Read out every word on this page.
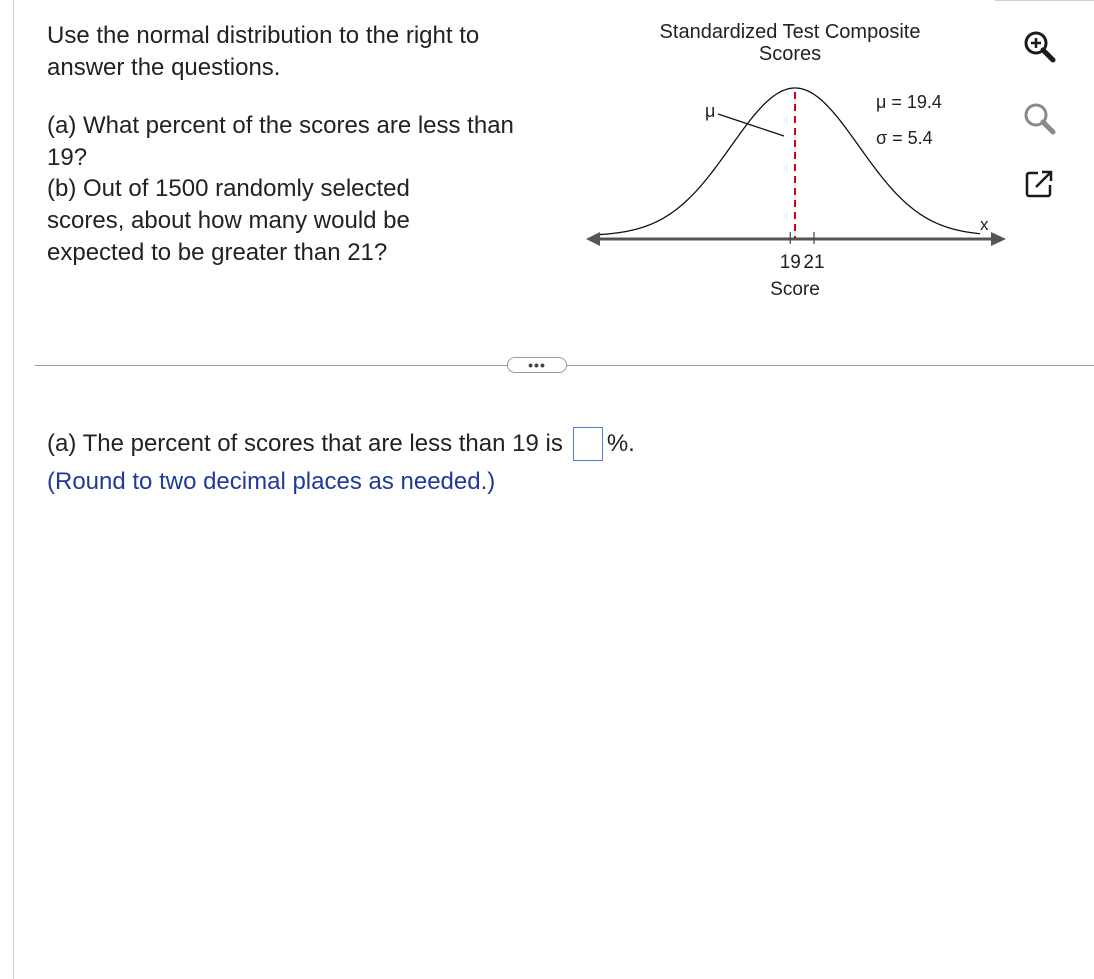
Use the normal distribution to the right to answer the questions.

(a) What percent of the scores are less than 19?

(b) Out of 1500 randomly selected scores, about how many would be expected to be greater than 21?

Standardized Test Composite
Scores
μ	μ = 19.4
σ = 5.4
x
19 21
Score
•••
(a) The percent of scores that are less than 19 is %.

(Round to two decimal places as needed.)
